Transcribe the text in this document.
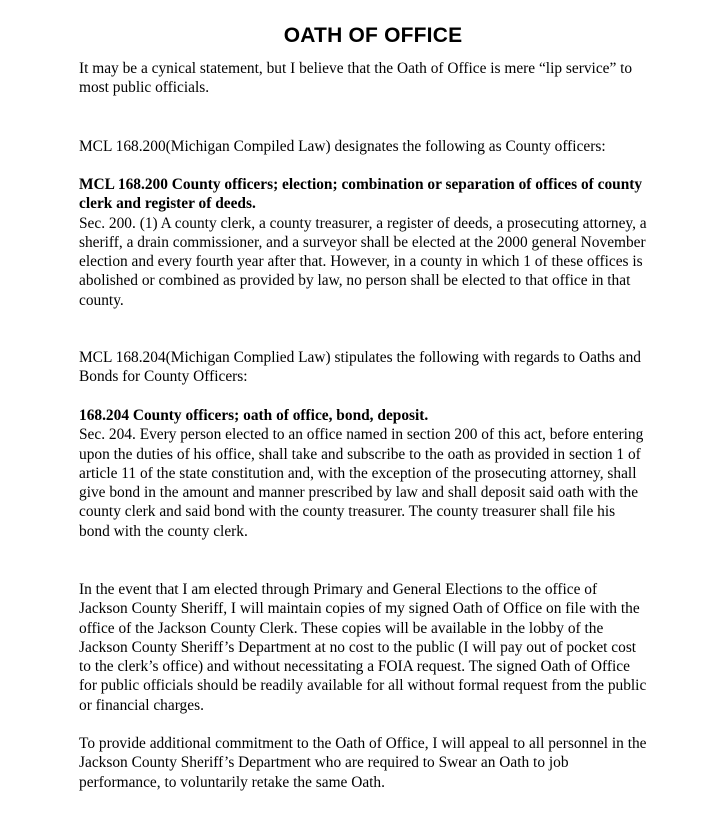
OATH OF OFFICE

It may be a cynical statement, but I believe that the Oath of Office is mere “lip service” to most public officials.

MCL 168.200(Michigan Compiled Law) designates the following as County officers:

MCL 168.200 County officers; election; combination or separation of offices of county clerk and register of deeds.
Sec. 200. (1) A county clerk, a county treasurer, a register of deeds, a prosecuting attorney, a sheriff, a drain commissioner, and a surveyor shall be elected at the 2000 general November election and every fourth year after that. However, in a county in which 1 of these offices is abolished or combined as provided by law, no person shall be elected to that office in that county.

MCL 168.204(Michigan Complied Law) stipulates the following with regards to Oaths and Bonds for County Officers:

168.204 County officers; oath of office, bond, deposit.
Sec. 204. Every person elected to an office named in section 200 of this act, before entering upon the duties of his office, shall take and subscribe to the oath as provided in section 1 of article 11 of the state constitution and, with the exception of the prosecuting attorney, shall give bond in the amount and manner prescribed by law and shall deposit said oath with the county clerk and said bond with the county treasurer. The county treasurer shall file his bond with the county clerk.

In the event that I am elected through Primary and General Elections to the office of Jackson County Sheriff, I will maintain copies of my signed Oath of Office on file with the office of the Jackson County Clerk. These copies will be available in the lobby of the Jackson County Sheriff’s Department at no cost to the public (I will pay out of pocket cost to the clerk’s office) and without necessitating a FOIA request. The signed Oath of Office for public officials should be readily available for all without formal request from the public or financial charges.

To provide additional commitment to the Oath of Office, I will appeal to all personnel in the Jackson County Sheriff’s Department who are required to Swear an Oath to job performance, to voluntarily retake the same Oath.
